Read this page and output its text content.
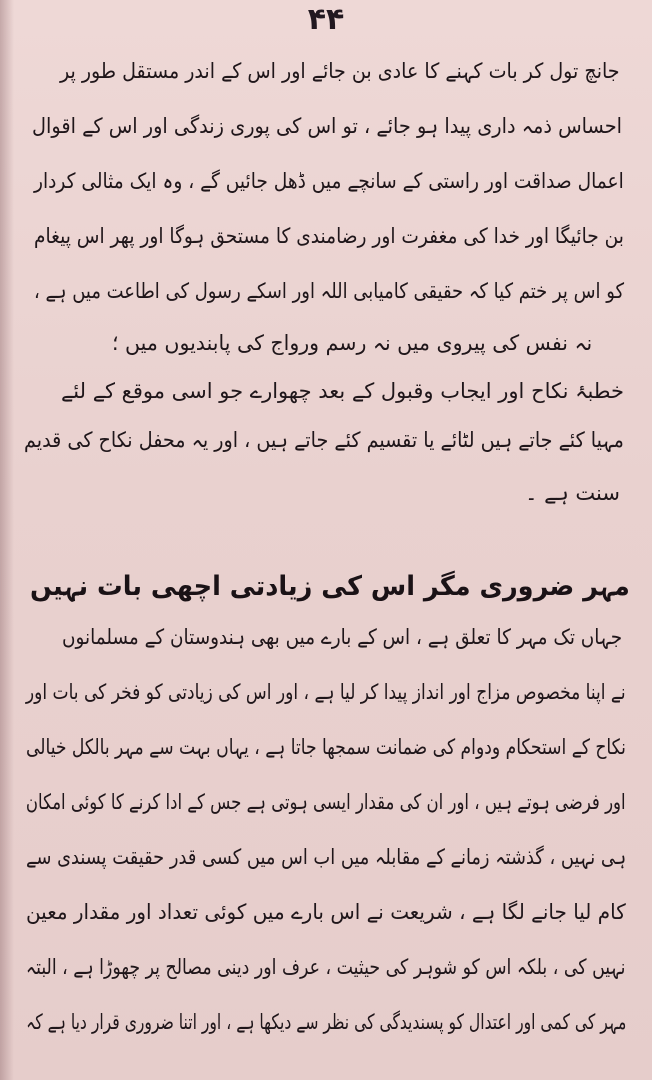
۴۴
جانچ تول کر بات کہنے کا عادی بن جائے اور اس کے اندر مستقل طور پر
احساس ذمہ داری پیدا ہو جائے ، تو اس کی پوری زندگی اور اس کے اقوال
اعمال صداقت اور راستی کے سانچے میں ڈھل جائیں گے ، وہ ایک مثالی کردار
بن جائیگا اور خدا کی مغفرت اور رضامندی کا مستحق ہوگا اور پھر اس پیغام
کو اس پر ختم کیا کہ حقیقی کامیابی اللہ اور اسکے رسول کی اطاعت میں ہے ،
نہ نفس کی پیروی میں نہ رسم ورواج کی پابندیوں میں ؛
خطبۂ نکاح اور ایجاب وقبول کے بعد چھوارے جو اسی موقع کے لئے
مہیا کئے جاتے ہیں لٹائے یا تقسیم کئے جاتے ہیں ، اور یہ محفل نکاح کی قدیم
سنت ہے ۔
مہر ضروری مگر اس کی زیادتی اچھی بات نہیں
جہاں تک مہر کا تعلق ہے ، اس کے بارے میں بھی ہندوستان کے مسلمانوں
نے اپنا مخصوص مزاج اور انداز پیدا کر لیا ہے ، اور اس کی زیادتی کو فخر کی بات اور
نکاح کے استحکام ودوام کی ضمانت سمجھا جاتا ہے ، یہاں بہت سے مہر بالکل خیالی
اور فرضی ہوتے ہیں ، اور ان کی مقدار ایسی ہوتی ہے جس کے ادا کرنے کا کوئی امکان
ہی نہیں ، گذشتہ زمانے کے مقابلہ میں اب اس میں کسی قدر حقیقت پسندی سے
کام لیا جانے لگا ہے ، شریعت نے اس بارے میں کوئی تعداد اور مقدار معین
نہیں کی ، بلکہ اس کو شوہر کی حیثیت ، عرف اور دینی مصالح پر چھوڑا ہے ، البتہ
مہر کی کمی اور اعتدال کو پسندیدگی کی نظر سے دیکھا ہے ، اور اتنا ضروری قرار دیا ہے کہ
